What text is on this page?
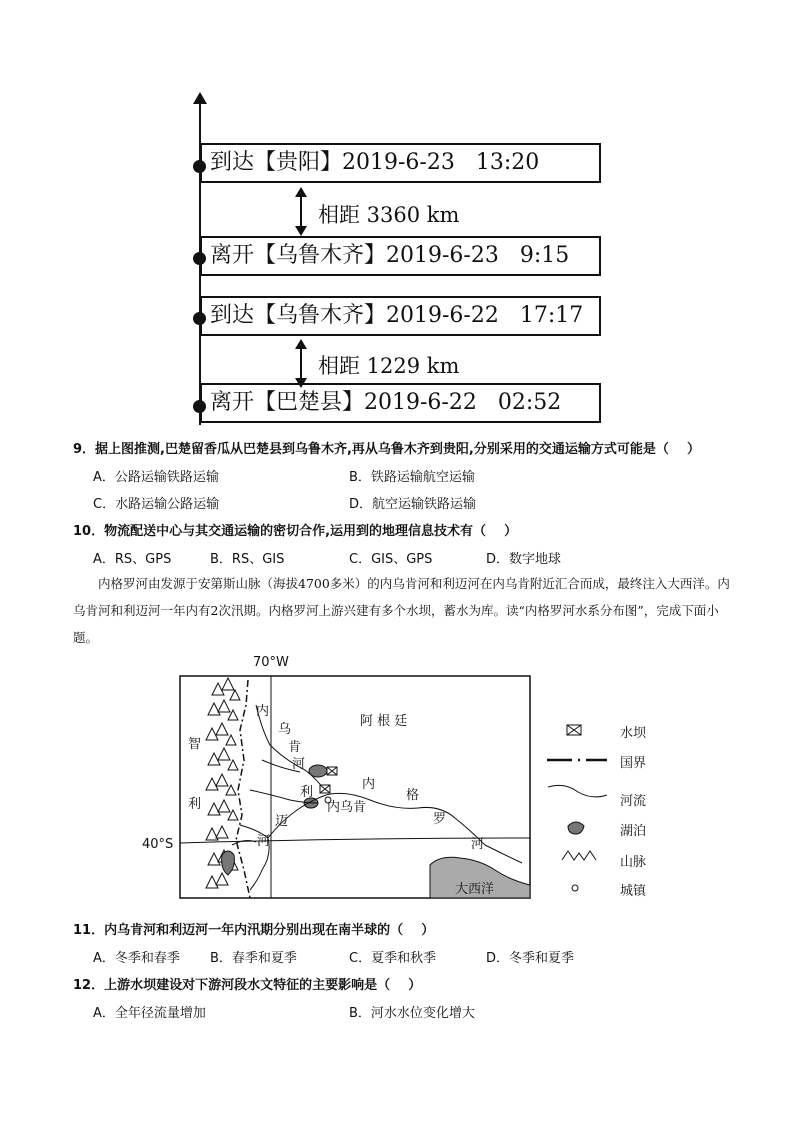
到达【贵阳】2019-6-23   13:20
相距 3360 km
离开【乌鲁木齐】2019-6-23   9:15
到达【乌鲁木齐】2019-6-22   17:17
相距 1229 km
离开【巴楚县】2019-6-22   02:52
9．据上图推测,巴楚留香瓜从巴楚县到乌鲁木齐,再从乌鲁木齐到贵阳,分别采用的交通运输方式可能是（    ）
A．公路运输铁路运输	B．铁路运输航空运输
C．水路运输公路运输	D．航空运输铁路运输
10．物流配送中心与其交通运输的密切合作,运用到的地理信息技术有（    ）
A．RS、GPS	B．RS、GIS	C．GIS、GPS	D．数字地球
内格罗河由发源于安第斯山脉（海拔4700多米）的内乌肯河和利迈河在内乌肯附近汇合而成，最终注入大西洋。内乌肯河和利迈河一年内有2次汛期。内格罗河上游兴建有多个水坝，蓄水为库。读“内格罗河水系分布图”，完成下面小题。
70°W
40°S
智
利
阿 根 廷
内
乌
肯
河
利
迈
河
内乌肯
内
格
罗
河
大西洋
水坝
国界
河流
湖泊
山脉
城镇
11．内乌肯河和利迈河一年内汛期分别出现在南半球的（    ）
A．冬季和春季 B．春季和夏季	C．夏季和秋季	D．冬季和夏季
12．上游水坝建设对下游河段水文特征的主要影响是（    ）
A．全年径流量增加	B．河水水位变化增大
